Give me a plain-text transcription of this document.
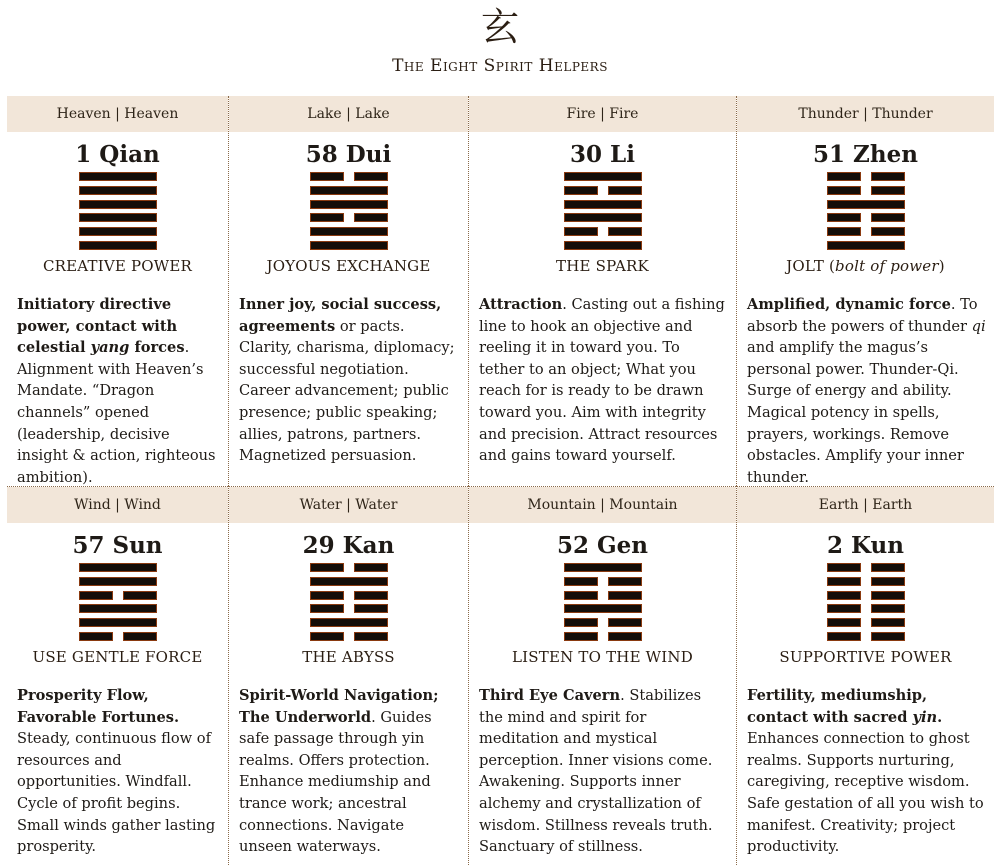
玄
The Eight Spirit Helpers
Heaven | Heaven
1 Qian
CREATIVE POWER
Initiatory directive power, contact with celestial yang forces. Alignment with Heaven’s Mandate. “Dragon channels” opened (leadership, decisive insight & action, righteous ambition).
Lake | Lake
58 Dui
JOYOUS EXCHANGE
Inner joy, social success, agreements or pacts. Clarity, charisma, diplomacy; successful negotiation. Career advancement; public presence; public speaking; allies, patrons, partners. Magnetized persuasion.
Fire | Fire
30 Li
THE SPARK
Attraction. Casting out a fishing line to hook an objective and reeling it in toward you. To tether to an object; What you reach for is ready to be drawn toward you. Aim with integrity and precision. Attract resources and gains toward yourself.
Thunder | Thunder
51 Zhen
JOLT (bolt of power)
Amplified, dynamic force. To absorb the powers of thunder qi and amplify the magus’s personal power. Thunder-Qi. Surge of energy and ability. Magical potency in spells, prayers, workings. Remove obstacles. Amplify your inner thunder.
Wind | Wind
57 Sun
USE GENTLE FORCE
Prosperity Flow, Favorable Fortunes. Steady, continuous flow of resources and opportunities. Windfall. Cycle of profit begins. Small winds gather lasting prosperity.
Water | Water
29 Kan
THE ABYSS
Spirit-World Navigation; The Underworld. Guides safe passage through yin realms. Offers protection. Enhance mediumship and trance work; ancestral connections. Navigate unseen waterways.
Mountain | Mountain
52 Gen
LISTEN TO THE WIND
Third Eye Cavern. Stabilizes the mind and spirit for meditation and mystical perception. Inner visions come. Awakening. Supports inner alchemy and crystallization of wisdom. Stillness reveals truth. Sanctuary of stillness.
Earth | Earth
2 Kun
SUPPORTIVE POWER
Fertility, mediumship, contact with sacred yin. Enhances connection to ghost realms. Supports nurturing, caregiving, receptive wisdom. Safe gestation of all you wish to manifest. Creativity; project productivity.
